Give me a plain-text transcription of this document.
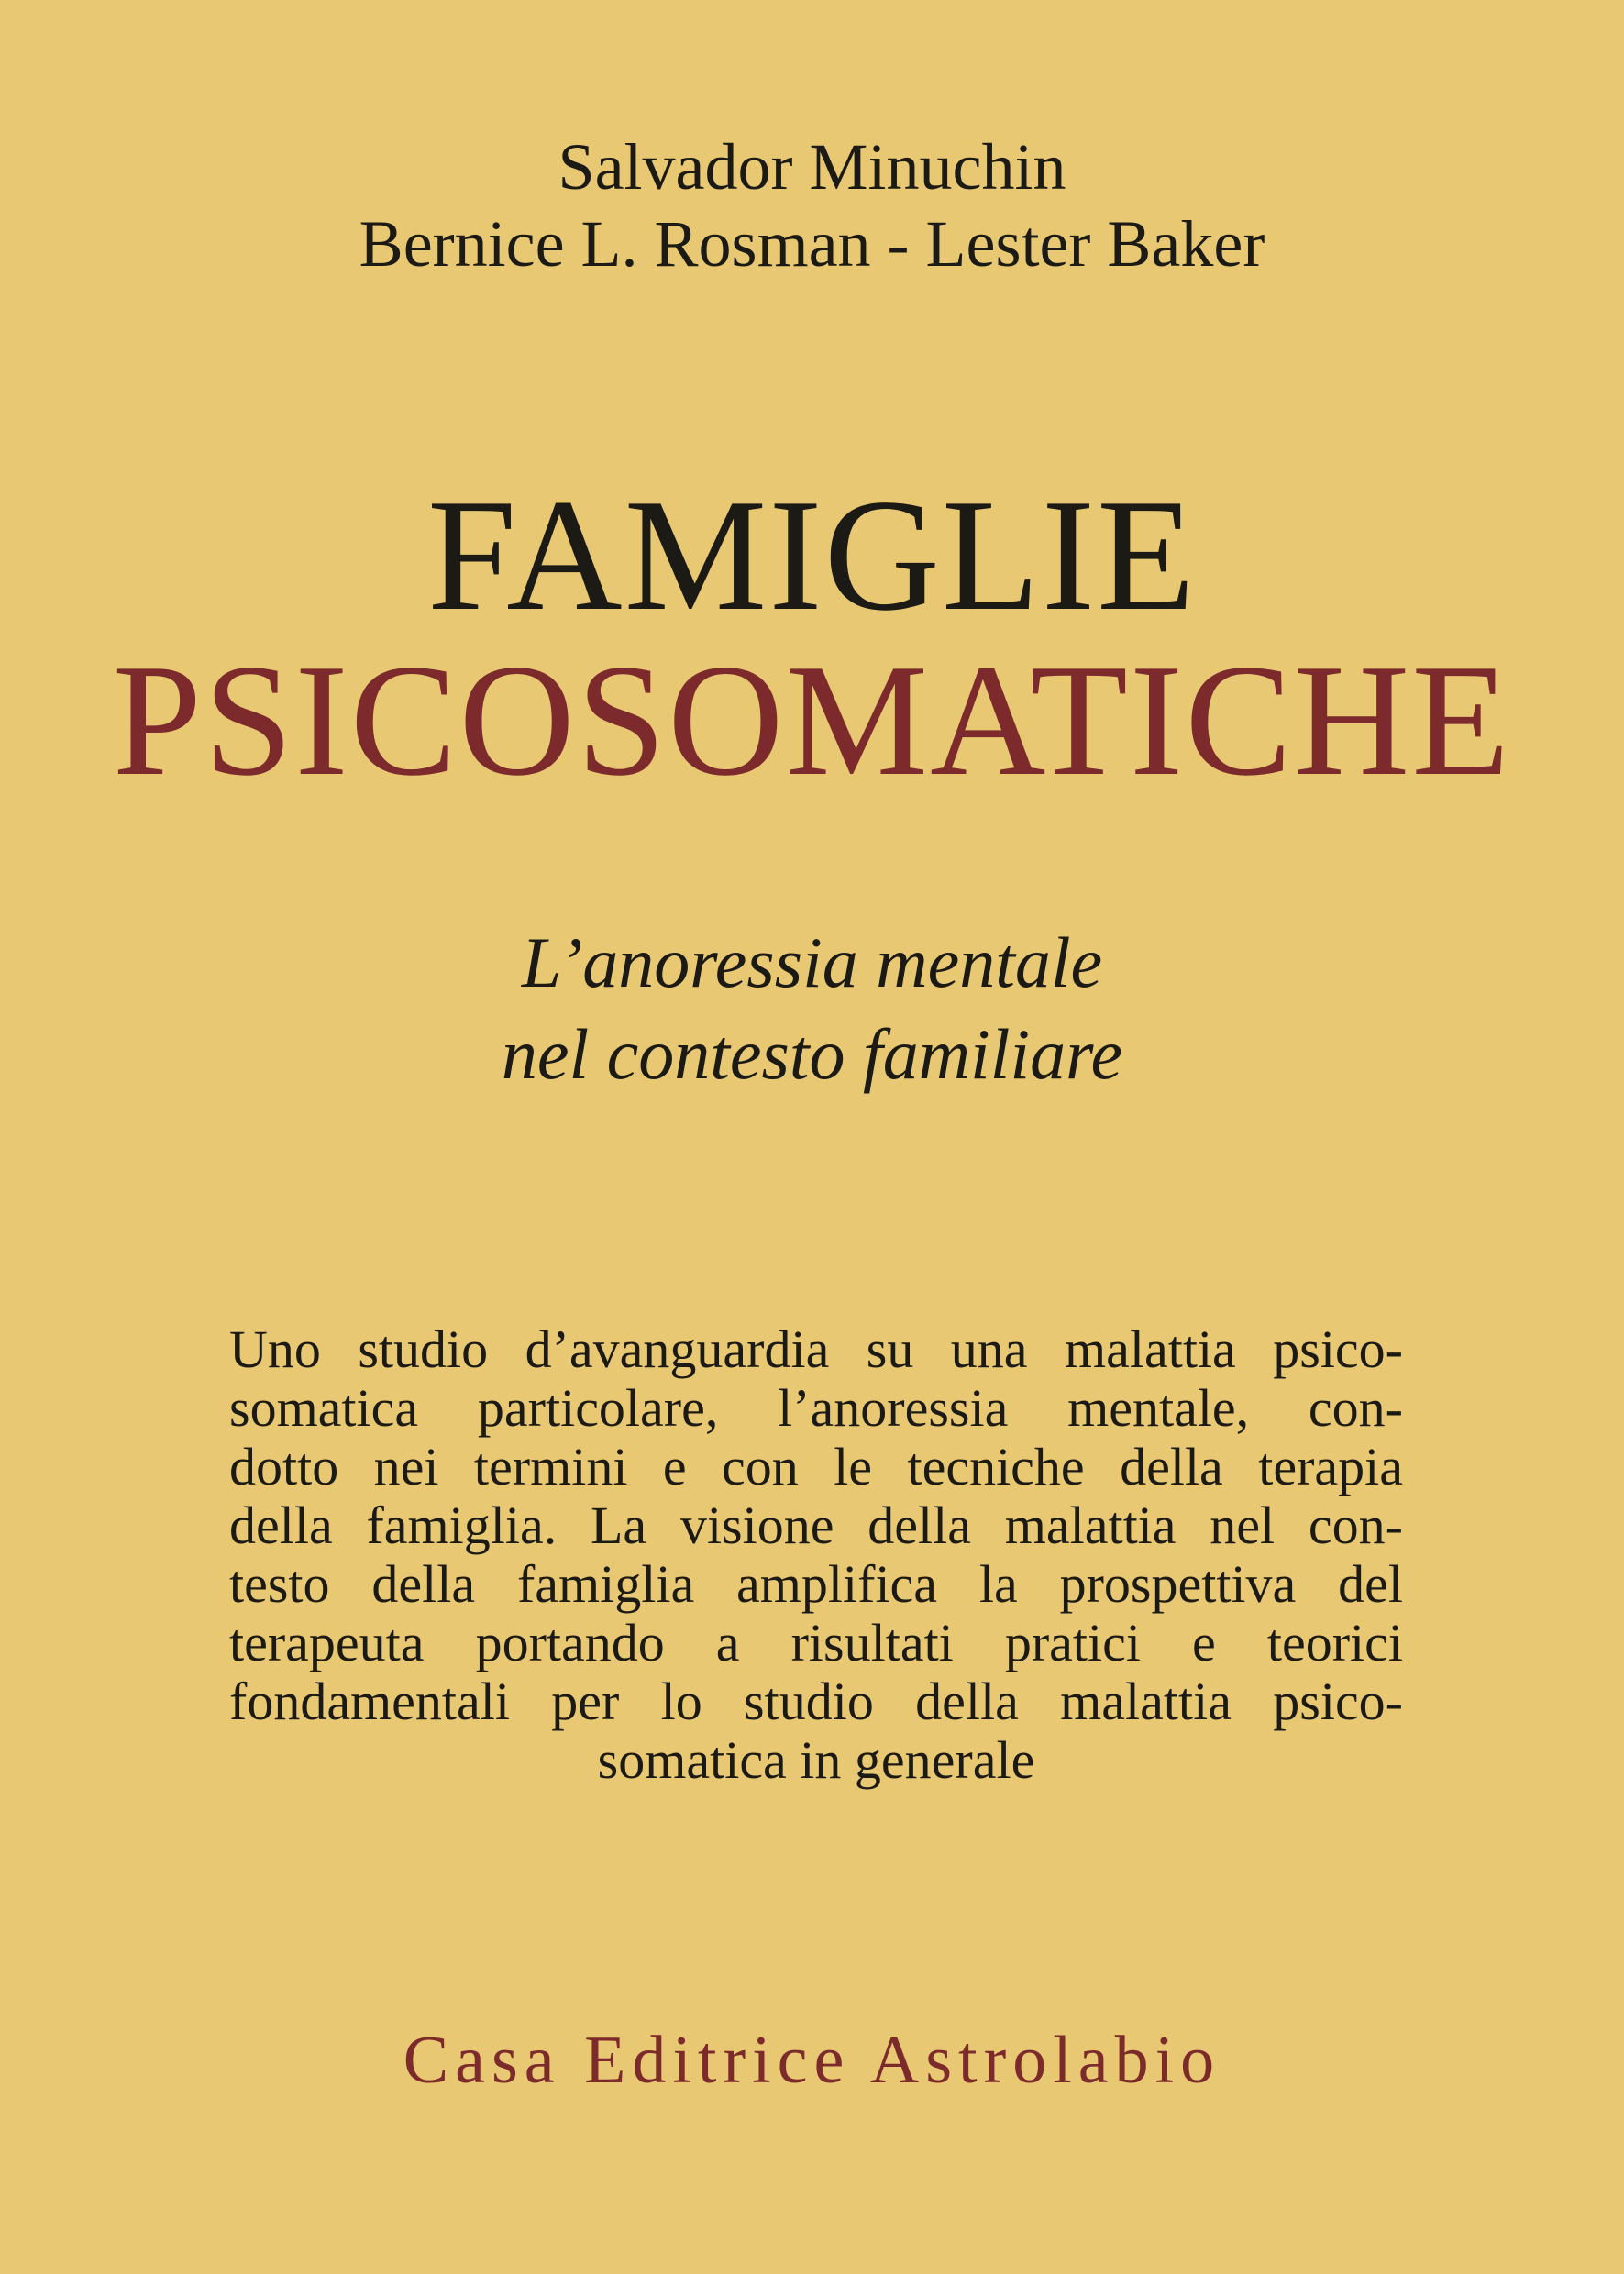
Salvador Minuchin
Bernice L. Rosman - Lester Baker
FAMIGLIE
PSICOSOMATICHE
L’anoressia mentale
nel contesto familiare
Uno studio d’avanguardia su una malattia psico-
somatica particolare, l’anoressia mentale, con-
dotto nei termini e con le tecniche della terapia
della famiglia. La visione della malattia nel con-
testo della famiglia amplifica la prospettiva del
terapeuta portando a risultati pratici e teorici
fondamentali per lo studio della malattia psico-
somatica in generale
Casa Editrice Astrolabio
